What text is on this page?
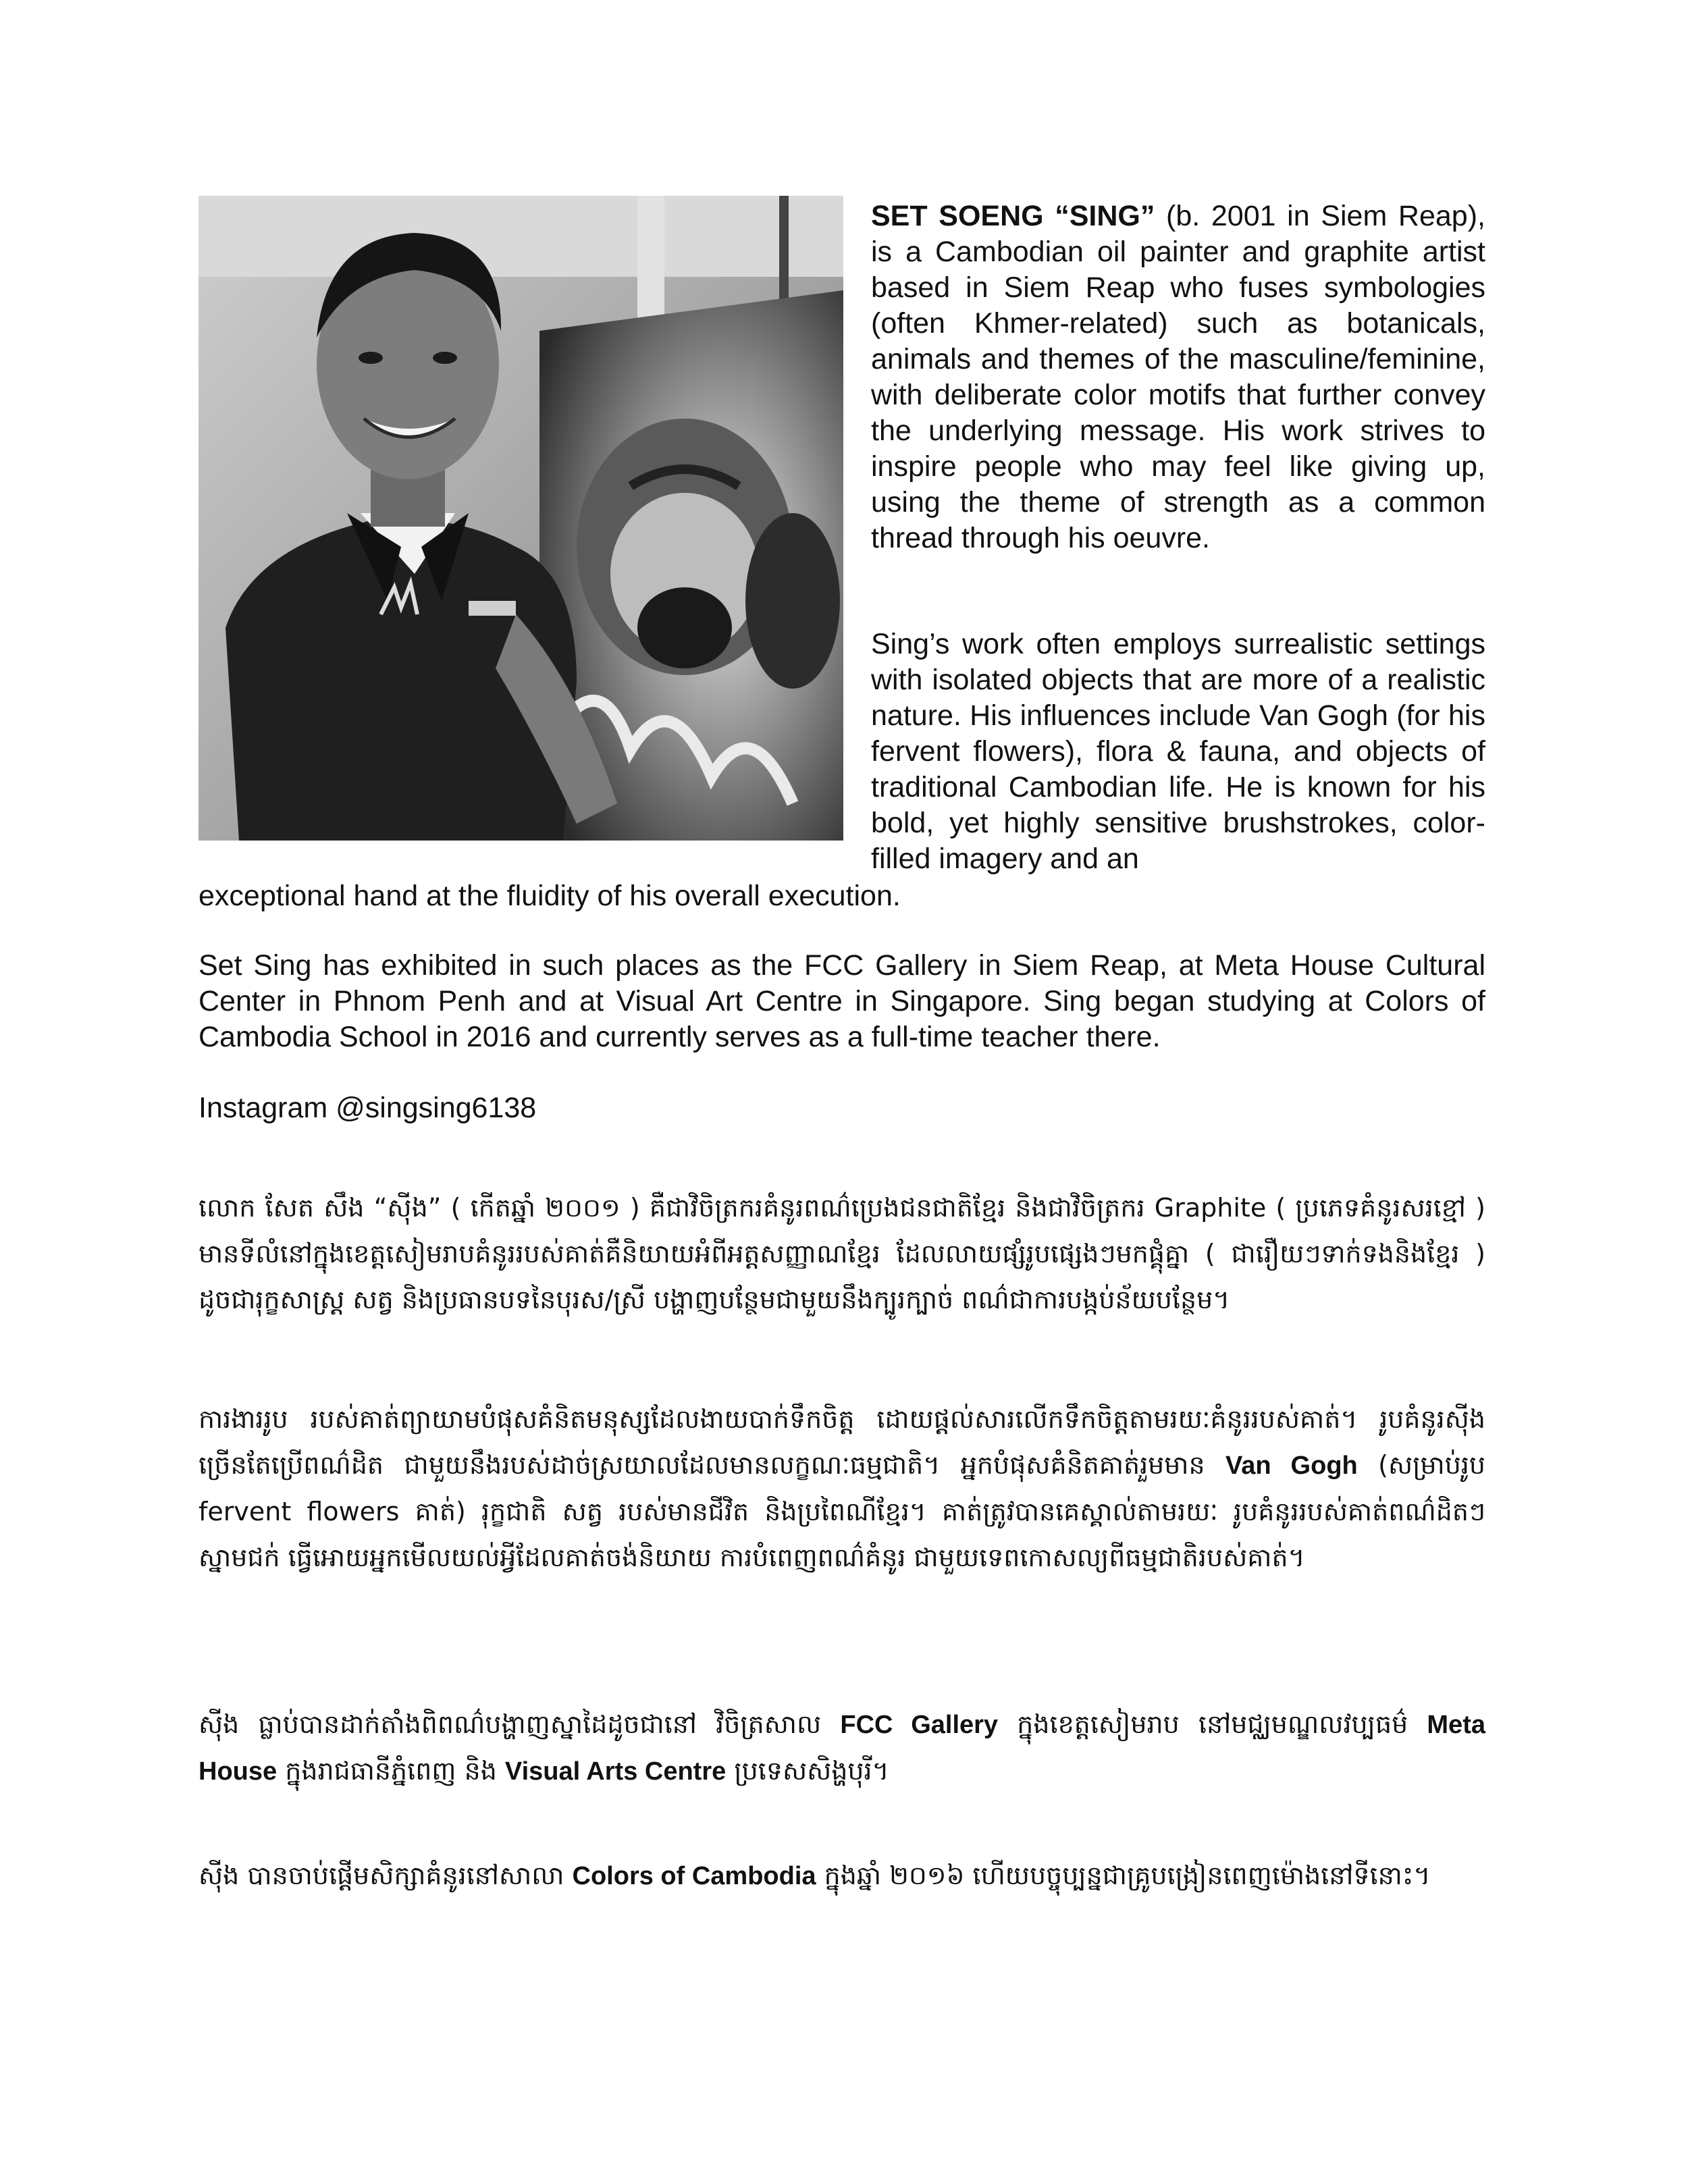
SET SOENG “SING” (b. 2001 in Siem Reap), is a Cambodian oil painter and graphite artist based in Siem Reap who fuses symbologies (often Khmer-related) such as botanicals, animals and themes of the masculine/feminine, with deliberate color motifs that further convey the underlying message. His work strives to inspire people who may feel like giving up, using the theme of strength as a common thread through his oeuvre.

Sing’s work often employs surrealistic settings with isolated objects that are more of a realistic nature. His influences include Van Gogh (for his fervent flowers), flora & fauna, and objects of traditional Cambodian life. He is known for his bold, yet highly sensitive brushstrokes, color-filled imagery and an

exceptional hand at the fluidity of his overall execution.

Set Sing has exhibited in such places as the FCC Gallery in Siem Reap, at Meta House Cultural Center in Phnom Penh and at Visual Art Centre in Singapore. Sing began studying at Colors of Cambodia School in 2016 and currently serves as a full-time teacher there.

Instagram @singsing6138

លោក សែត សឹង “ស៊ីង” ( កើតឆ្នាំ ២០០១ ) គឺជាវិចិត្រករគំនូរពណ៌ប្រេងជនជាតិខ្មែរ និងជាវិចិត្រករ Graphite ( ប្រភេទគំនូរសរខ្មៅ ) មានទីលំនៅក្នុងខេត្តសៀមរាបគំនូររបស់គាត់គឺនិយាយអំពីអត្តសញ្ញាណខ្មែរ ដែលលាយផ្សំរូបផ្សេងៗមកផ្គុំគ្នា ( ជារឿយៗទាក់ទងនិងខ្មែរ ) ដូចជារុក្ខសាស្រ្ត សត្វ និងប្រធានបទនៃបុរស/ស្រី បង្ហាញបន្ថែមជាមួយនឹងក្បូរក្បាច់ ពណ៌ជាការបង្កប់ន័យបន្ថែម។

ការងាររូប របស់គាត់ព្យាយាមបំផុសគំនិតមនុស្សដែលងាយបាក់ទឹកចិត្ត ដោយផ្តល់សារលើកទឹកចិត្តតាមរយៈគំនូររបស់គាត់។ រូបគំនូរស៊ីង ច្រើនតែប្រើពណ៌ដិត ជាមួយនឹងរបស់ដាច់ស្រយាលដែលមានលក្ខណៈធម្មជាតិ។ អ្នកបំផុសគំនិតគាត់រួមមាន Van Gogh (សម្រាប់រូប fervent flowers គាត់) រុក្ខជាតិ សត្វ របស់មានជីវិត និងប្រពៃណីខ្មែរ។ គាត់ត្រូវបានគេស្គាល់តាមរយៈ រូបគំនូររបស់គាត់ពណ៌ដិតៗ ស្នាមជក់ ធ្វើអោយអ្នកមើលយល់អ្វីដែលគាត់ចង់និយាយ ការបំពេញពណ៌គំនូរ ជាមួយទេពកោសល្យពីធម្មជាតិរបស់គាត់។

ស៊ីង ធ្លាប់បានដាក់តាំងពិពណ៌បង្ហាញស្នាដៃដូចជានៅ វិចិត្រសាល FCC Gallery ក្នុងខេត្តសៀមរាប នៅមជ្ឈមណ្ឌលវប្បធម៌ Meta House ក្នុងរាជធានីភ្នំពេញ និង Visual Arts Centre ប្រទេសសិង្ហបុរី។

ស៊ីង បានចាប់ផ្តើមសិក្សាគំនូរនៅសាលា Colors of Cambodia ក្នុងឆ្នាំ ២០១៦ ហើយបច្ចុប្បន្នជាគ្រូបង្រៀនពេញម៉ោងនៅទីនោះ។
